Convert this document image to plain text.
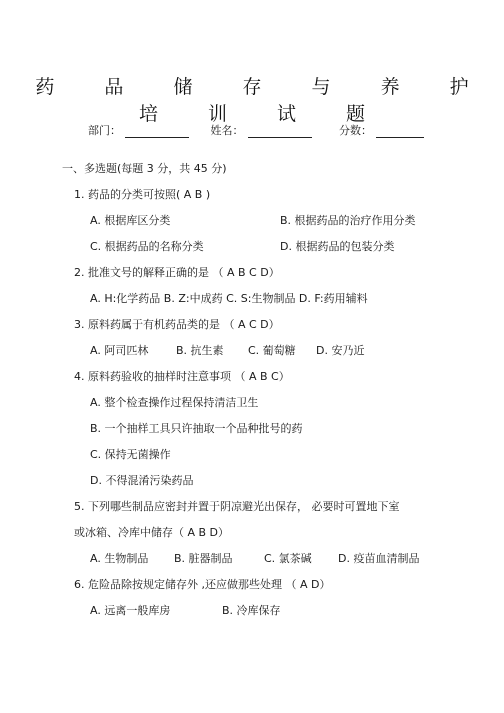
药 品 储 存 与 养 护 培 训 试 题
部门：	姓名：	分数：
一、多选题(每题 3 分，共 45 分)
1. 药品的分类可按照( A B )
A. 根据库区分类	B. 根据药品的治疗作用分类
C. 根据药品的名称分类	D. 根据药品的包装分类
2. 批准文号的解释正确的是 （ A B C D）
A. H:化学药品 B. Z:中成药 C. S:生物制品 D. F:药用辅料
3. 原料药属于有机药品类的是 （ A C D）
A. 阿司匹林	B. 抗生素 C. 葡萄糖 D. 安乃近
4. 原料药验收的抽样时注意事项 （ A B C）
A. 整个检查操作过程保持清洁卫生
B. 一个抽样工具只许抽取一个品种批号的药
C. 保持无菌操作
D. 不得混淆污染药品
5. 下列哪些制品应密封并置于阴凉避光出保存， 必要时可置地下室
或冰箱、冷库中储存（ A B D）
A. 生物制品 B. 脏器制品	C. 氯茶碱 D. 疫苗血清制品
6. 危险品除按规定储存外 ,还应做那些处理 （ A D）
A. 远离一般库房	B. 冷库保存
